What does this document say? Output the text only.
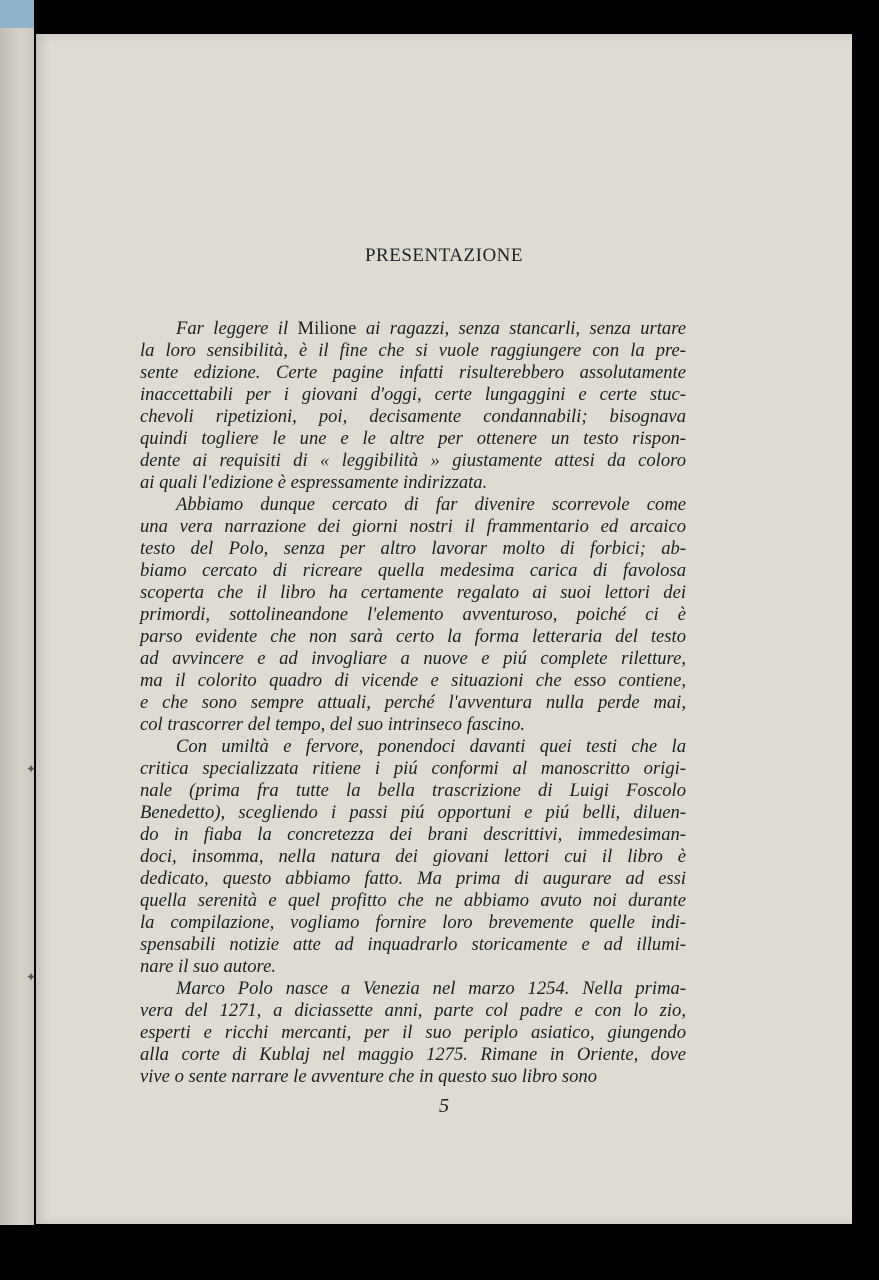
✦
✦
PRESENTAZIONE
Far leggere il Milione ai ragazzi, senza stancarli, senza urtare
la loro sensibilità, è il fine che si vuole raggiungere con la pre-
sente edizione. Certe pagine infatti risulterebbero assolutamente
inaccettabili per i giovani d'oggi, certe lungaggini e certe stuc-
chevoli ripetizioni, poi, decisamente condannabili; bisognava
quindi togliere le une e le altre per ottenere un testo rispon-
dente ai requisiti di « leggibilità » giustamente attesi da coloro
ai quali l'edizione è espressamente indirizzata.
Abbiamo dunque cercato di far divenire scorrevole come
una vera narrazione dei giorni nostri il frammentario ed arcaico
testo del Polo, senza per altro lavorar molto di forbici; ab-
biamo cercato di ricreare quella medesima carica di favolosa
scoperta che il libro ha certamente regalato ai suoi lettori dei
primordi, sottolineandone l'elemento avventuroso, poiché ci è
parso evidente che non sarà certo la forma letteraria del testo
ad avvincere e ad invogliare a nuove e piú complete riletture,
ma il colorito quadro di vicende e situazioni che esso contiene,
e che sono sempre attuali, perché l'avventura nulla perde mai,
col trascorrer del tempo, del suo intrinseco fascino.
Con umiltà e fervore, ponendoci davanti quei testi che la
critica specializzata ritiene i piú conformi al manoscritto origi-
nale (prima fra tutte la bella trascrizione di Luigi Foscolo
Benedetto), scegliendo i passi piú opportuni e piú belli, diluen-
do in fiaba la concretezza dei brani descrittivi, immedesiman-
doci, insomma, nella natura dei giovani lettori cui il libro è
dedicato, questo abbiamo fatto. Ma prima di augurare ad essi
quella serenità e quel profitto che ne abbiamo avuto noi durante
la compilazione, vogliamo fornire loro brevemente quelle indi-
spensabili notizie atte ad inquadrarlo storicamente e ad illumi-
nare il suo autore.
Marco Polo nasce a Venezia nel marzo 1254. Nella prima-
vera del 1271, a diciassette anni, parte col padre e con lo zio,
esperti e ricchi mercanti, per il suo periplo asiatico, giungendo
alla corte di Kublaj nel maggio 1275. Rimane in Oriente, dove
vive o sente narrare le avventure che in questo suo libro sono
5
